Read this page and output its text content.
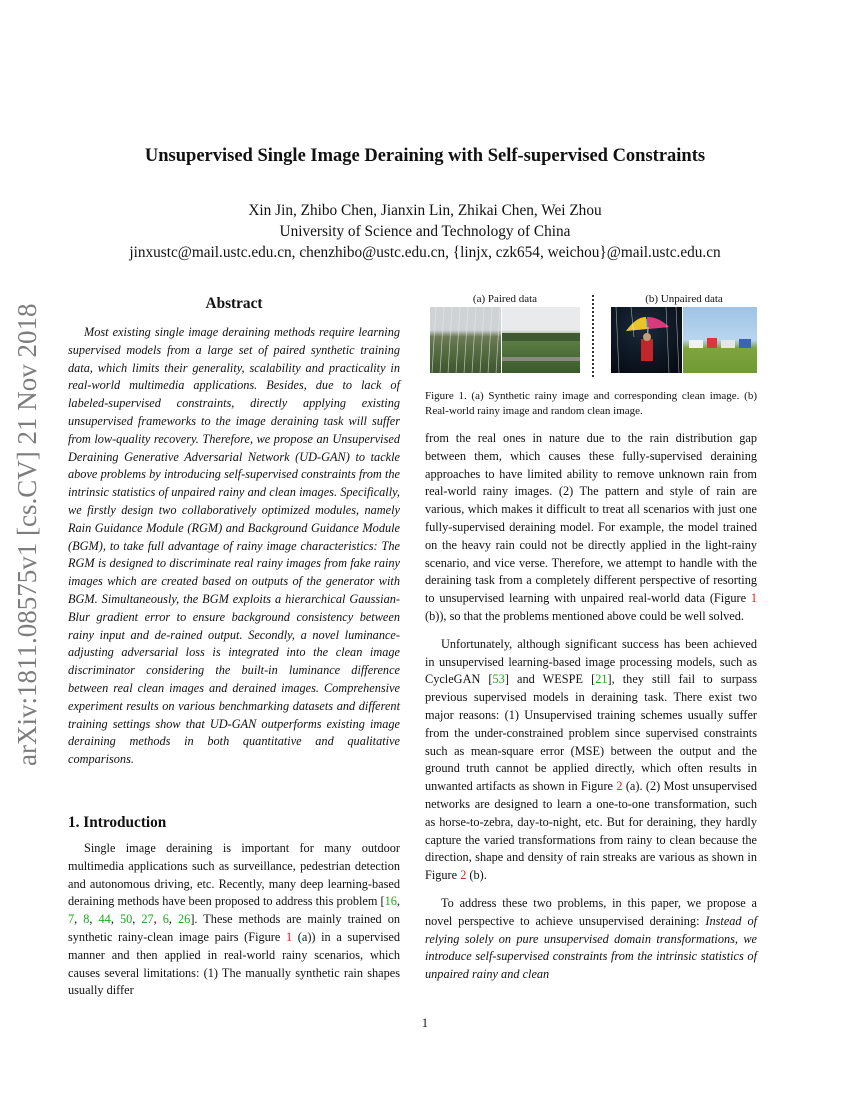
arXiv:1811.08575v1 [cs.CV] 21 Nov 2018
Unsupervised Single Image Deraining with Self-supervised Constraints
Xin Jin, Zhibo Chen, Jianxin Lin, Zhikai Chen, Wei Zhou
University of Science and Technology of China
jinxustc@mail.ustc.edu.cn, chenzhibo@ustc.edu.cn, {linjx, czk654, weichou}@mail.ustc.edu.cn
Abstract

Most existing single image deraining methods require learning supervised models from a large set of paired synthetic training data, which limits their generality, scalability and practicality in real-world multimedia applications. Besides, due to lack of labeled-supervised constraints, directly applying existing unsupervised frameworks to the image deraining task will suffer from low-quality recovery. Therefore, we propose an Unsupervised Deraining Generative Adversarial Network (UD-GAN) to tackle above problems by introducing self-supervised constraints from the intrinsic statistics of unpaired rainy and clean images. Specifically, we firstly design two collaboratively optimized modules, namely Rain Guidance Module (RGM) and Background Guidance Module (BGM), to take full advantage of rainy image characteristics: The RGM is designed to discriminate real rainy images from fake rainy images which are created based on outputs of the generator with BGM. Simultaneously, the BGM exploits a hierarchical Gaussian-Blur gradient error to ensure background consistency between rainy input and de-rained output. Secondly, a novel luminance-adjusting adversarial loss is integrated into the clean image discriminator considering the built-in luminance difference between real clean images and derained images. Comprehensive experiment results on various benchmarking datasets and different training settings show that UD-GAN outperforms existing image deraining methods in both quantitative and qualitative comparisons.

1. Introduction

Single image deraining is important for many outdoor multimedia applications such as surveillance, pedestrian detection and autonomous driving, etc. Recently, many deep learning-based deraining methods have been proposed to address this problem [16, 7, 8, 44, 50, 27, 6, 26]. These methods are mainly trained on synthetic rainy-clean image pairs (Figure 1 (a)) in a supervised manner and then applied in real-world rainy scenarios, which causes several limitations: (1) The manually synthetic rain shapes usually differ

(a) Paired data	(b) Unpaired data
Figure 1. (a) Synthetic rainy image and corresponding clean image. (b) Real-world rainy image and random clean image.

from the real ones in nature due to the rain distribution gap between them, which causes these fully-supervised deraining approaches to have limited ability to remove unknown rain from real-world rainy images. (2) The pattern and style of rain are various, which makes it difficult to treat all scenarios with just one fully-supervised deraining model. For example, the model trained on the heavy rain could not be directly applied in the light-rainy scenario, and vice verse. Therefore, we attempt to handle with the deraining task from a completely different perspective of resorting to unsupervised learning with unpaired real-world data (Figure 1 (b)), so that the problems mentioned above could be well solved.

Unfortunately, although significant success has been achieved in unsupervised learning-based image processing models, such as CycleGAN [53] and WESPE [21], they still fail to surpass previous supervised models in deraining task. There exist two major reasons: (1) Unsupervised training schemes usually suffer from the under-constrained problem since supervised constraints such as mean-square error (MSE) between the output and the ground truth cannot be applied directly, which often results in unwanted artifacts as shown in Figure 2 (a). (2) Most unsupervised networks are designed to learn a one-to-one transformation, such as horse-to-zebra, day-to-night, etc. But for deraining, they hardly capture the varied transformations from rainy to clean because the direction, shape and density of rain streaks are various as shown in Figure 2 (b).

To address these two problems, in this paper, we propose a novel perspective to achieve unsupervised deraining: Instead of relying solely on pure unsupervised domain transformations, we introduce self-supervised constraints from the intrinsic statistics of unpaired rainy and clean

1
